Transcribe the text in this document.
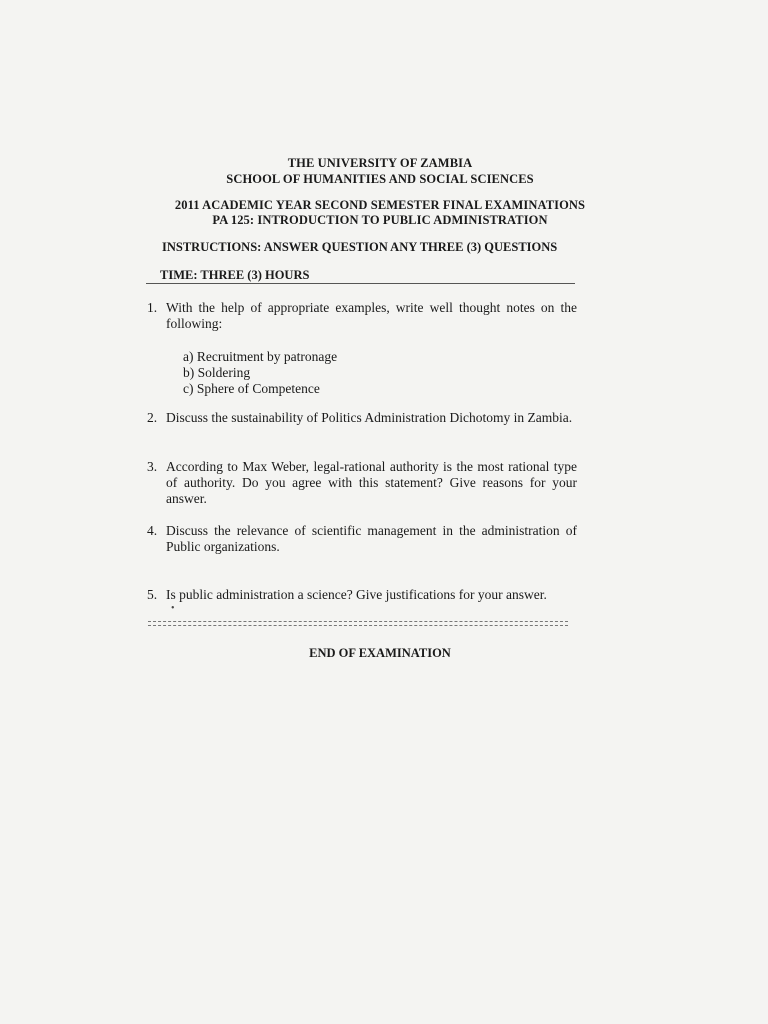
THE UNIVERSITY OF ZAMBIA
SCHOOL OF HUMANITIES AND SOCIAL SCIENCES
2011 ACADEMIC YEAR SECOND SEMESTER FINAL EXAMINATIONS
PA 125: INTRODUCTION TO PUBLIC ADMINISTRATION
INSTRUCTIONS: ANSWER QUESTION ANY THREE (3) QUESTIONS
TIME: THREE (3) HOURS
1. With the help of appropriate examples, write well thought notes on the following:
a) Recruitment by patronage
b) Soldering
c) Sphere of Competence
2. Discuss the sustainability of Politics Administration Dichotomy in Zambia.
3. According to Max Weber, legal-rational authority is the most rational type of authority. Do you agree with this statement? Give reasons for your answer.
4. Discuss the relevance of scientific management in the administration of Public organizations.
5. Is public administration a science? Give justifications for your answer.
•
END OF EXAMINATION
